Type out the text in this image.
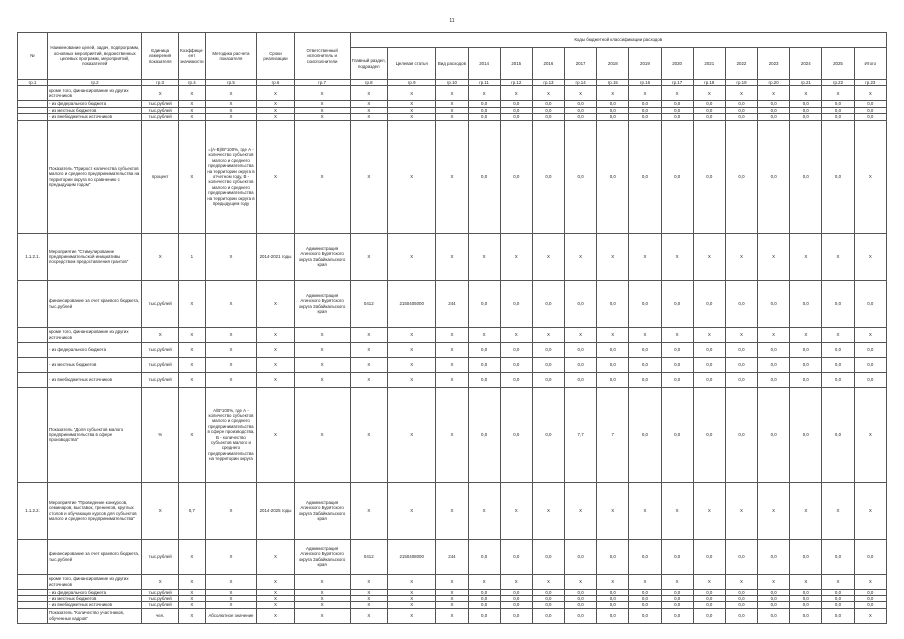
11
№	Наименование целей, задач, подпрограмм, основных мероприятий, ведомственных целевых программ, мероприятий, показателей	Единица измерения показателя	Коэффици-ент значимости	Методика расчета показателя	Сроки реализации	Ответственный исполнитель и соисполнители	Коды бюджетной классификации расходов															
							Главный раздел, подраздел	Целевая статья	Вид расходов	2014	2015	2016	2017	2018	2019	2020	2021	2022	2023	2024	2025	Итого
гр.1	гр.2	гр.3	гр.4	гр.5	гр.6	гр.7	гр.8	гр.9	гр.10	гр.11	гр.12	гр.13	гр.14	гр.15	гр.16	гр.17	гр.18	гр.19	гр.20	гр.21	гр.22	гр.23
	кроме того, финансирование из других источников	X	X	X	X	X	X	X	X	X	X	X	X	X	X	X	X	X	X	X	X	X
	- из федерального бюджета	тыс.рублей	X	X	X	X	X	X	X	0,0	0,0	0,0	0,0	0,0	0,0	0,0	0,0	0,0	0,0	0,0	0,0	0,0
	- из местных бюджетов	тыс.рублей	X	X	X	X	X	X	X	0,0	0,0	0,0	0,0	0,0	0,0	0,0	0,0	0,0	0,0	0,0	0,0	0,0
	- из внебюджетных источников	тыс.рублей	X	X	X	X	X	X	X	0,0	0,0	0,0	0,0	0,0	0,0	0,0	0,0	0,0	0,0	0,0	0,0	0,0
	Показатель "Прирост количества субъектов малого и среднего предпринимательства на территории округа по сравнению с предыдущим годом"	процент	X	=(A-B)/B*100%, где А - количество субъектов малого и среднего предпринимательства на территории округа в отчетном году, В - количество субъектов малого и среднего предпринимательства на территории округа в предыдущем году	X	X	X	X	X	0,0	0,0	0,0	0,0	0,0	0,0	0,0	0,0	0,0	0,0	0,0	0,0	X
1.1.2.1.	Мероприятие "Стимулирование предпринимательской инициативы посредством предоставления грантов"	X	1	X	2014-2021 годы	Администрация Агинского Бурятского округа Забайкальского края	X	X	X	X	X	X	X	X	X	X	X	X	X	X	X	X
	финансирование за счет краевого бюджета, тыс.рублей	тыс.рублей	X	X	X	Администрация Агинского Бурятского округа Забайкальского края	0412	2150405000	244	0,0	0,0	0,0	0,0	0,0	0,0	0,0	0,0	0,0	0,0	0,0	0,0	0,0
	кроме того, финансирование из других источников	X	X	X	X	X	X	X	X	X	X	X	X	X	X	X	X	X	X	X	X	X
	- из федерального бюджета	тыс.рублей	X	X	X	X	X	X	X	0,0	0,0	0,0	0,0	0,0	0,0	0,0	0,0	0,0	0,0	0,0	0,0	0,0
	- из местных бюджетов	тыс.рублей	X	X	X	X	X	X	X	0,0	0,0	0,0	0,0	0,0	0,0	0,0	0,0	0,0	0,0	0,0	0,0	0,0
	- из внебюджетных источников	тыс.рублей	X	X	X	X	X	X	X	0,0	0,0	0,0	0,0	0,0	0,0	0,0	0,0	0,0	0,0	0,0	0,0	0,0
	Показатель "Доля субъектов малого предпринимательства в сфере производства"	%	X	А/В*100%, где А - количество субъектов малого и среднего предпринимательства в сфере производства, В - количество субъектов малого и среднего предпринимательства на территории округа	X	X	X	X	X	0,0	0,0	0,0	7,7	7	0,0	0,0	0,0	0,0	0,0	0,0	0,0	X
1.1.2.2.	Мероприятие "Проведение конкурсов, семинаров, выставок, тренингов, круглых столов и обучающих курсов для субъектов малого и среднего предпринимательства"	X	0,7	X	2014-2025 годы	Администрация Агинского Бурятского округа Забайкальского края	X	X	X	X	X	X	X	X	X	X	X	X	X	X	X	X
	финансирование за счет краевого бюджета, тыс.рублей	тыс.рублей	X	X	X	Администрация Агинского Бурятского округа Забайкальского края	0412	2150408000	244	0,0	0,0	0,0	0,0	0,0	0,0	0,0	0,0	0,0	0,0	0,0	0,0	0,0
	кроме того, финансирование из других источников	X	X	X	X	X	X	X	X	X	X	X	X	X	X	X	X	X	X	X	X	X
	- из федерального бюджета	тыс.рублей	X	X	X	X	X	X	X	0,0	0,0	0,0	0,0	0,0	0,0	0,0	0,0	0,0	0,0	0,0	0,0	0,0
	- из местных бюджетов	тыс.рублей	X	X	X	X	X	X	X	0,0	0,0	0,0	0,0	0,0	0,0	0,0	0,0	0,0	0,0	0,0	0,0	0,0
	- из внебюджетных источников	тыс.рублей	X	X	X	X	X	X	X	0,0	0,0	0,0	0,0	0,0	0,0	0,0	0,0	0,0	0,0	0,0	0,0	0,0
	Показатель "Количество участников, обученных кадров"	чел.	X	Абсолютное значение	X	X	X	X	X	0,0	0,0	0,0	0,0	0,0	0,0	0,0	0,0	0,0	0,0	0,0	0,0	X
